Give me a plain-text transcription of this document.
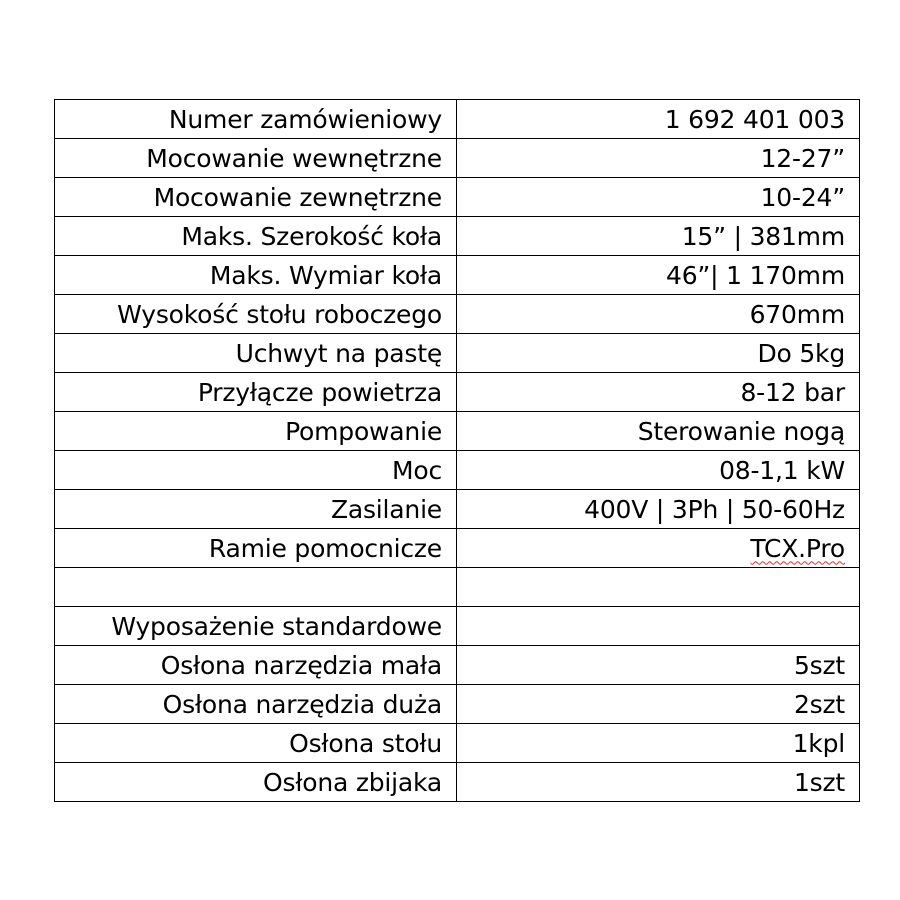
Numer zamówieniowy	1 692 401 003
Mocowanie wewnętrzne	12-27”
Mocowanie zewnętrzne	10-24”
Maks. Szerokość koła	15” | 381mm
Maks. Wymiar koła	46”| 1 170mm
Wysokość stołu roboczego	670mm
Uchwyt na pastę	Do 5kg
Przyłącze powietrza	8-12 bar
Pompowanie	Sterowanie nogą
Moc	08-1,1 kW
Zasilanie	400V | 3Ph | 50-60Hz
Ramie pomocnicze	TCX.Pro

Wyposażenie standardowe	
Osłona narzędzia mała	5szt
Osłona narzędzia duża	2szt
Osłona stołu	1kpl
Osłona zbijaka	1szt
